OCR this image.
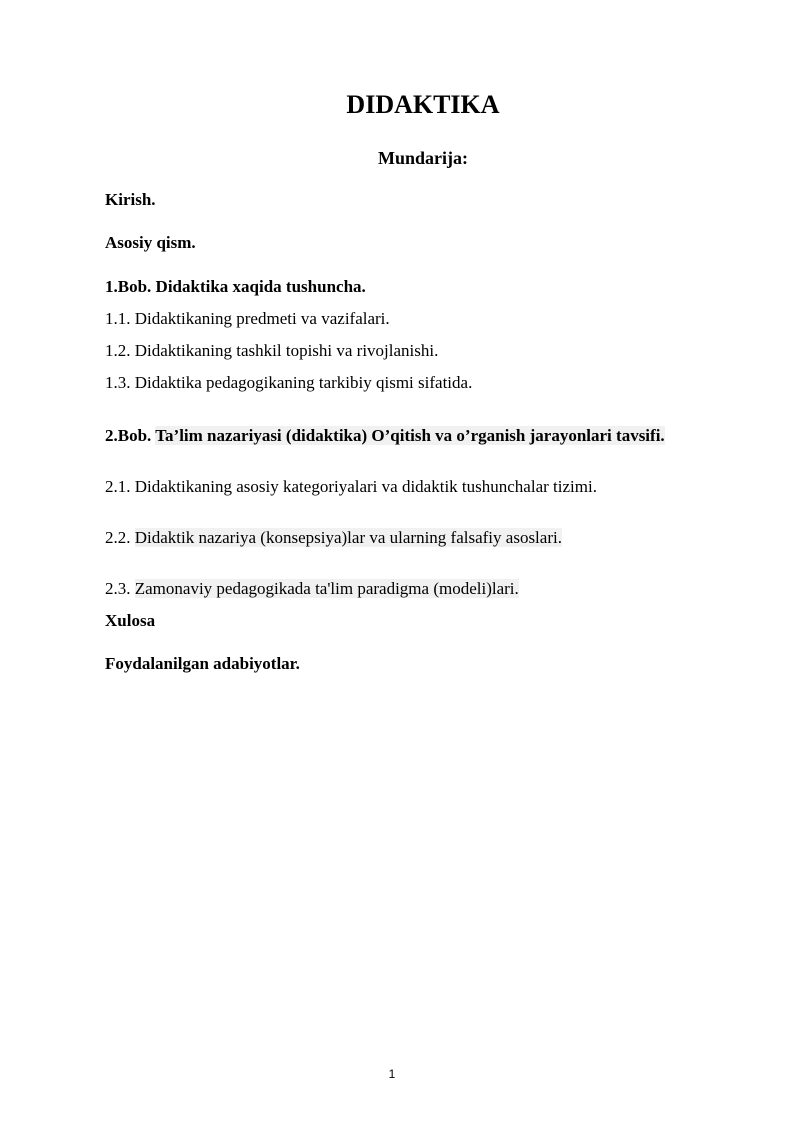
DIDAKTIKA
Mundarija:
Kirish.
Asosiy qism.
1.Bob. Didaktika xaqida tushuncha.
1.1. Didaktikaning predmeti va vazifalari.
1.2. Didaktikaning tashkil topishi va rivojlanishi.
1.3. Didaktika pedagogikaning tarkibiy qismi sifatida.
2.Bob. Ta’lim nazariyasi (didaktika) O’qitish va o’rganish jarayonlari tavsifi.
2.1. Didaktikaning asosiy kategoriyalari va didaktik tushunchalar tizimi.
2.2. Didaktik nazariya (konsepsiya)lar va ularning falsafiy asoslari.
2.3. Zamonaviy pedagogikada ta'lim paradigma (modeli)lari.
Xulosa
Foydalanilgan adabiyotlar.
1
